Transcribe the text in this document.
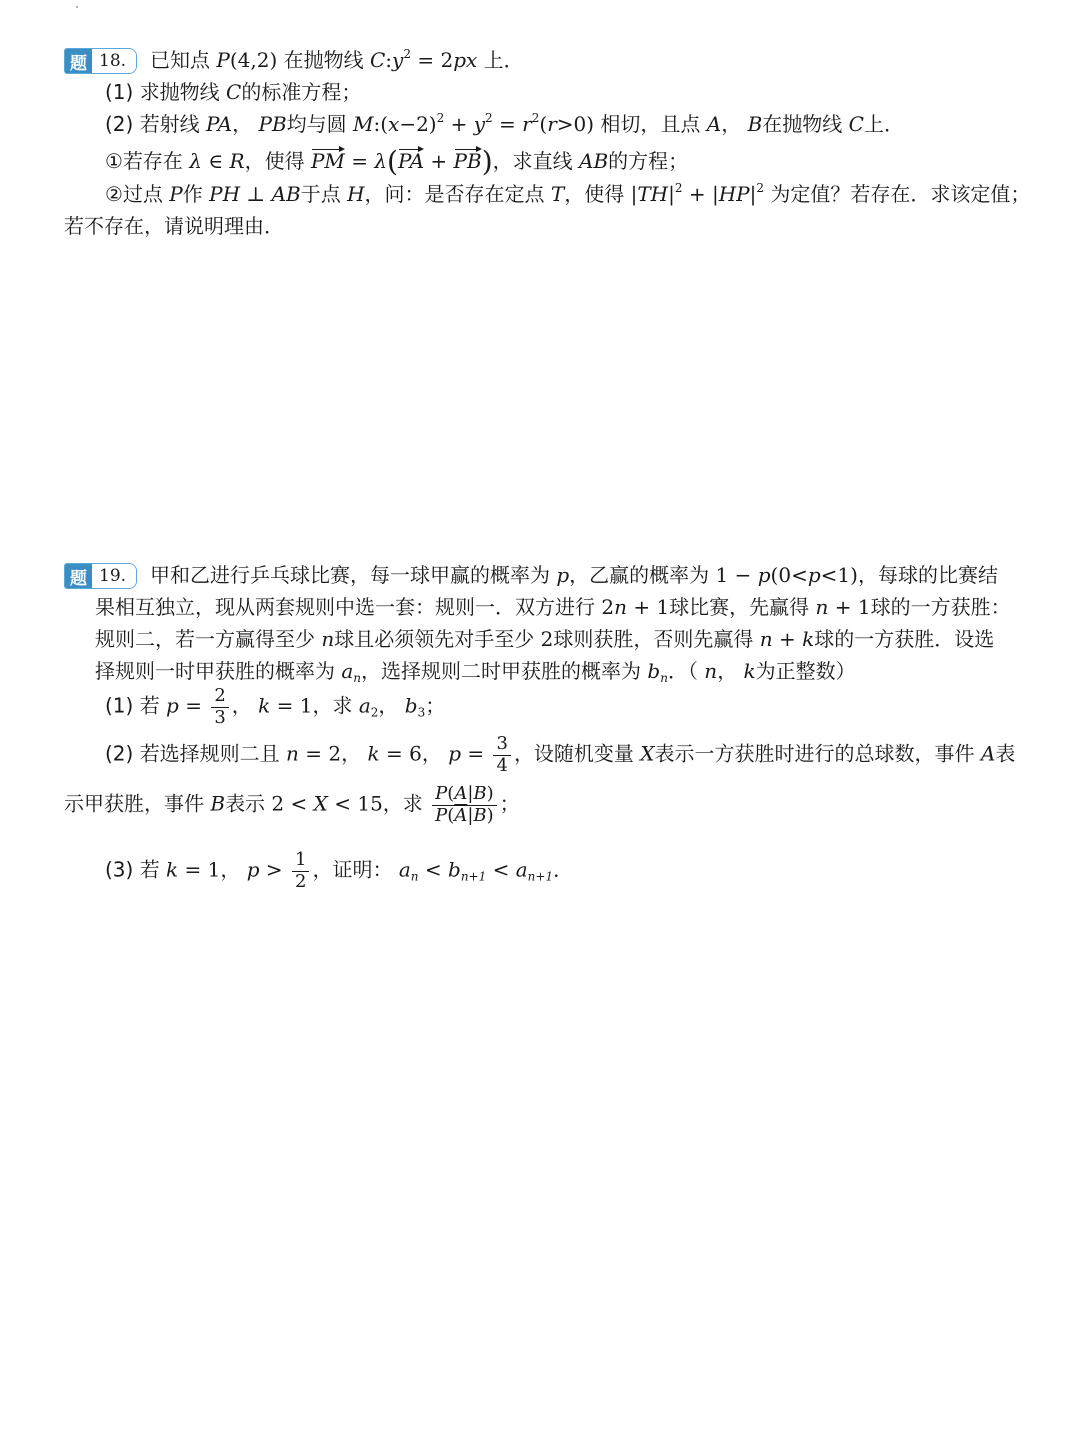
题 18.	已知点 P(4,2) 在抛物线 $C:y^2 = 2px$ 上．
(1) 求抛物线 C的标准方程；
(2) 若射线 PA， PB均与圆 $M:(x-2)^2 + y^2 = r^2(r>0)$ 相切，且点 A， B在抛物线 C上．
①若存在 λ ∈ R，使得 PM = λ(PA + PB)，求直线 AB的方程；
②过点 P作 PH ⊥ AB于点 H，问：是否存在定点 T，使得 $|TH|^2 + |HP|^2$ 为定值？若存在．求该定值；
若不存在，请说明理由．
题 19.	甲和乙进行乒乓球比赛，每一球甲赢的概率为 p，乙赢的概率为 1 − p(0<p<1)，每球的比赛结
果相互独立，现从两套规则中选一套：规则一．双方进行 2n + 1球比赛，先赢得 n + 1球的一方获胜：
规则二，若一方赢得至少 n球且必须领先对手至少 2球则获胜，否则先赢得 n + k球的一方获胜．设选
择规则一时甲获胜的概率为 $a_n$，选择规则二时甲获胜的概率为 $b_n$．（ n， k为正整数）
(1) 若 $p = \frac{2}{3}$ ， k = 1，求 $a_2$， $b_3$；
(2) 若选择规则二且 n = 2， k = 6， $p = \frac{3}{4}$ ，设随机变量 X表示一方获胜时进行的总球数，事件 A表
示甲获胜，事件 B表示 2 < X < 15，求 $\frac{P(A|B)}{P(\overline{A}|B)}$ ；
(3) 若 k = 1， $p > \frac{1}{2}$ ，证明： $a_n < b_{n+1} < a_{n+1}$．
